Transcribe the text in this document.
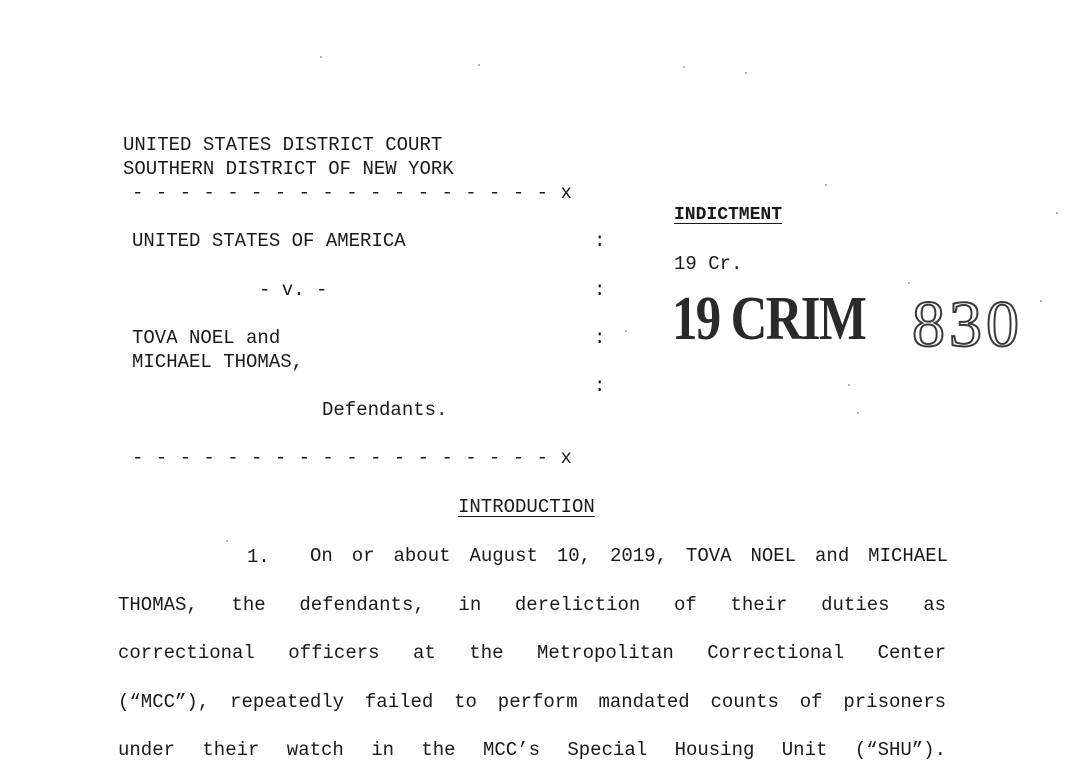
UNITED STATES DISTRICT COURT
SOUTHERN DISTRICT OF NEW YORK
- - - - - - - - - - - - - - - - - - x
UNITED STATES OF AMERICA	:
- v. -	:
TOVA NOEL and	:
MICHAEL THOMAS,
:
Defendants.
- - - - - - - - - - - - - - - - - - x
INDICTMENT
19 Cr.
19 CRIM 830
INTRODUCTION
1. On or about August 10, 2019, TOVA NOEL and MICHAEL
THOMAS, the defendants, in dereliction of their duties as
correctional officers at the Metropolitan Correctional Center
(“MCC”), repeatedly failed to perform mandated counts of prisoners
under their watch in the MCC’s Special Housing Unit (“SHU”).
